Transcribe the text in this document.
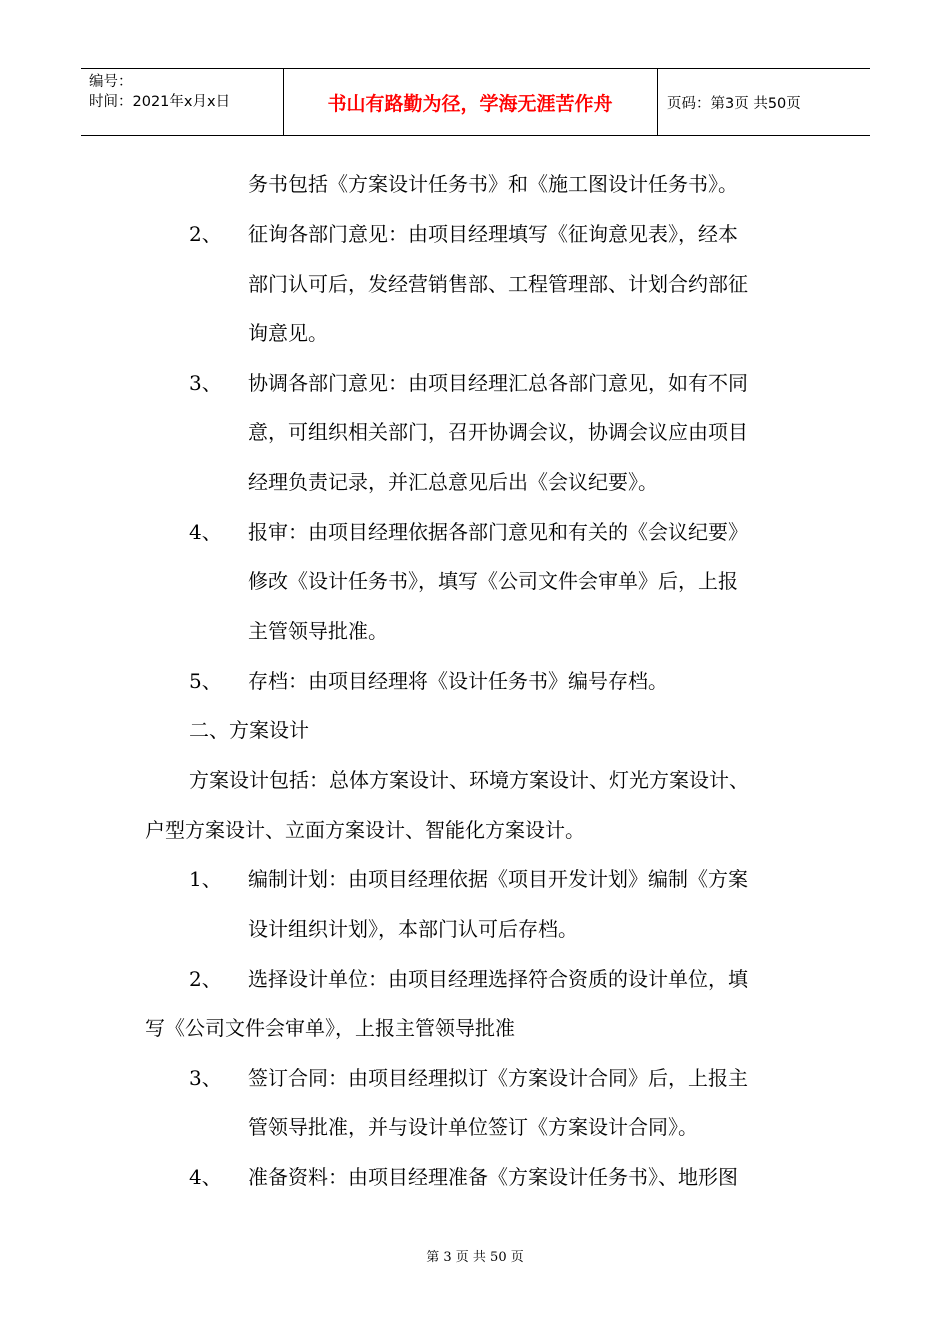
编号：
时间：2021年x月x日	书山有路勤为径，学海无涯苦作舟	页码：第3页 共50页
务书包括《方案设计任务书》和《施工图设计任务书》。
2、 征询各部门意见：由项目经理填写《征询意见表》，经本
部门认可后，发经营销售部、工程管理部、计划合约部征
询意见。
3、 协调各部门意见：由项目经理汇总各部门意见，如有不同
意，可组织相关部门，召开协调会议，协调会议应由项目
经理负责记录，并汇总意见后出《会议纪要》。
4、 报审：由项目经理依据各部门意见和有关的《会议纪要》
修改《设计任务书》，填写《公司文件会审单》后，上报
主管领导批准。
5、 存档：由项目经理将《设计任务书》编号存档。
二、方案设计
方案设计包括：总体方案设计、环境方案设计、灯光方案设计、
户型方案设计、立面方案设计、智能化方案设计。
1、 编制计划：由项目经理依据《项目开发计划》编制《方案
设计组织计划》，本部门认可后存档。
2、 选择设计单位：由项目经理选择符合资质的设计单位，填
写《公司文件会审单》，上报主管领导批准
3、 签订合同：由项目经理拟订《方案设计合同》后，上报主
管领导批准，并与设计单位签订《方案设计合同》。
4、 准备资料：由项目经理准备《方案设计任务书》、地形图
第 3 页 共 50 页
